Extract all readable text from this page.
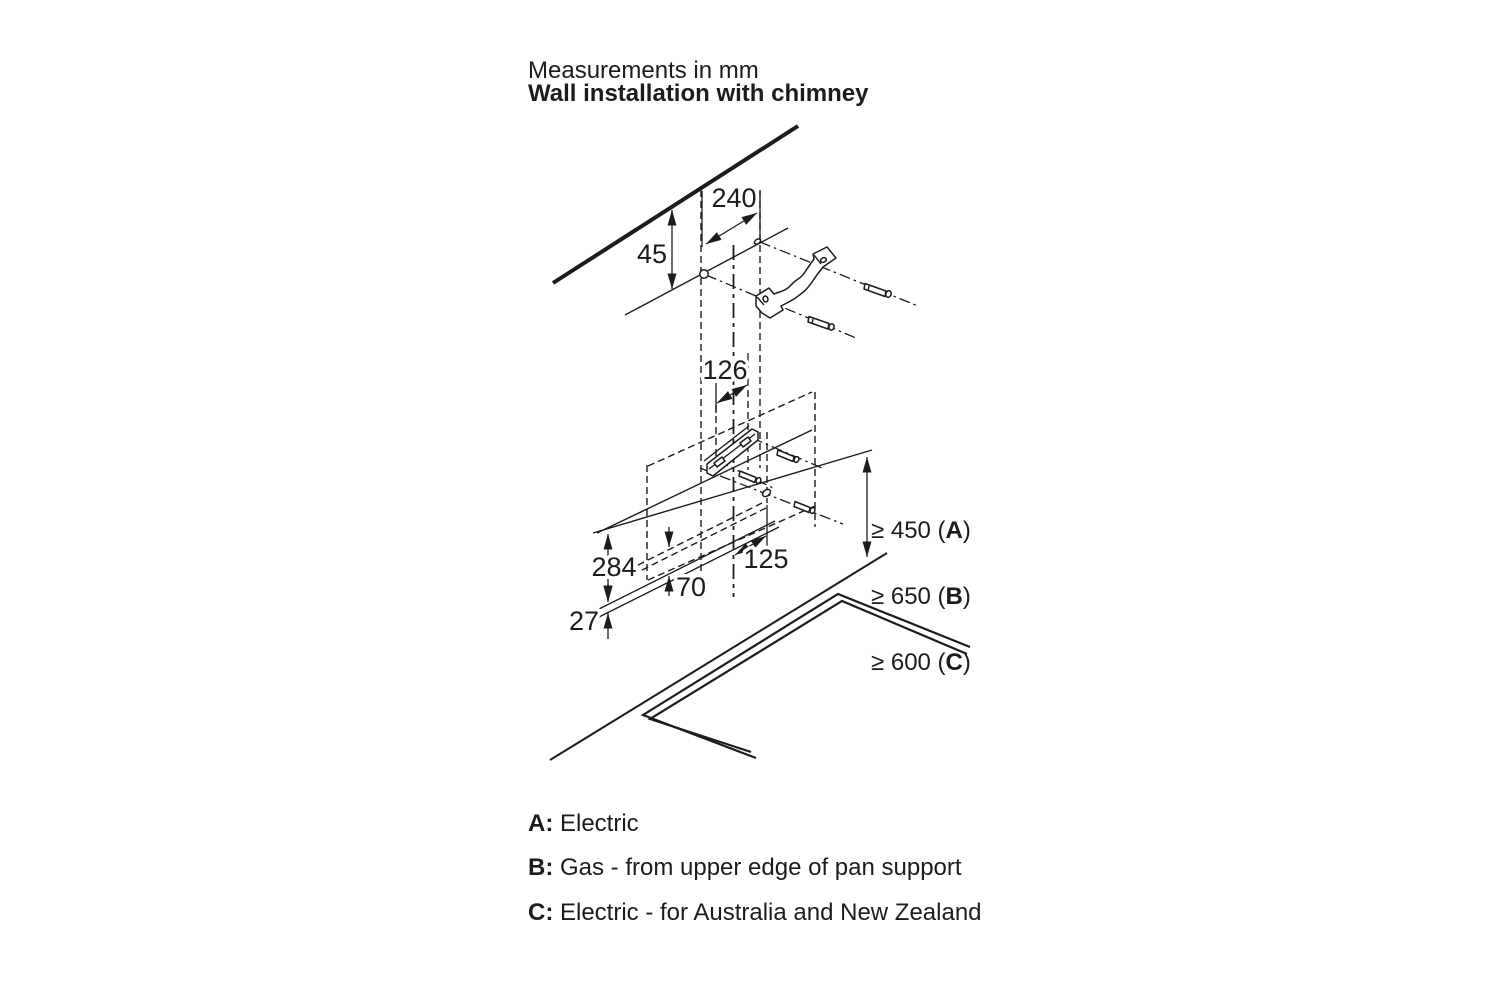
240
45
126
125
284
70
27
Measurements in mm
Wall installation with chimney

≥ 450 (A)

≥ 650 (B)

≥ 600 (C)

A: Electric
B: Gas - from upper edge of pan support
C: Electric - for Australia and New Zealand
